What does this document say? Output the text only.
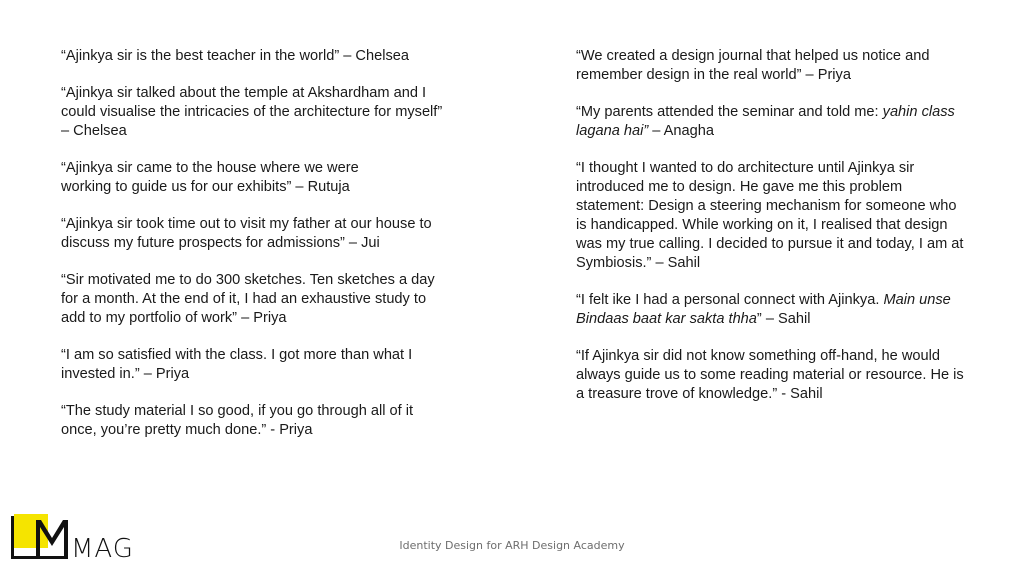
“Ajinkya sir is the best teacher in the world” – Chelsea

“Ajinkya sir talked about the temple at Akshardham and I
could visualise the intricacies of the architecture for myself”
– Chelsea

“Ajinkya sir came to the house where we were
working to guide us for our exhibits” – Rutuja

“Ajinkya sir took time out to visit my father at our house to
discuss my future prospects for admissions” – Jui

“Sir motivated me to do 300 sketches. Ten sketches a day
for a month. At the end of it, I had an exhaustive study to
add to my portfolio of work” – Priya

“I am so satisfied with the class. I got more than what I
invested in.” – Priya

“The study material I so good, if you go through all of it
once, you’re pretty much done.” - Priya

“We created a design journal that helped us notice and
remember design in the real world” – Priya

“My parents attended the seminar and told me: yahin class
lagana hai” – Anagha

“I thought I wanted to do architecture until Ajinkya sir
introduced me to design. He gave me this problem
statement: Design a steering mechanism for someone who
is handicapped. While working on it, I realised that design
was my true calling. I decided to pursue it and today, I am at
Symbiosis.” – Sahil

“I felt ike I had a personal connect with Ajinkya. Main unse
Bindaas baat kar sakta thha” – Sahil

“If Ajinkya sir did not know something off-hand, he would
always guide us to some reading material or resource. He is
a treasure trove of knowledge.” - Sahil

MAG	Identity Design for ARH Design Academy
